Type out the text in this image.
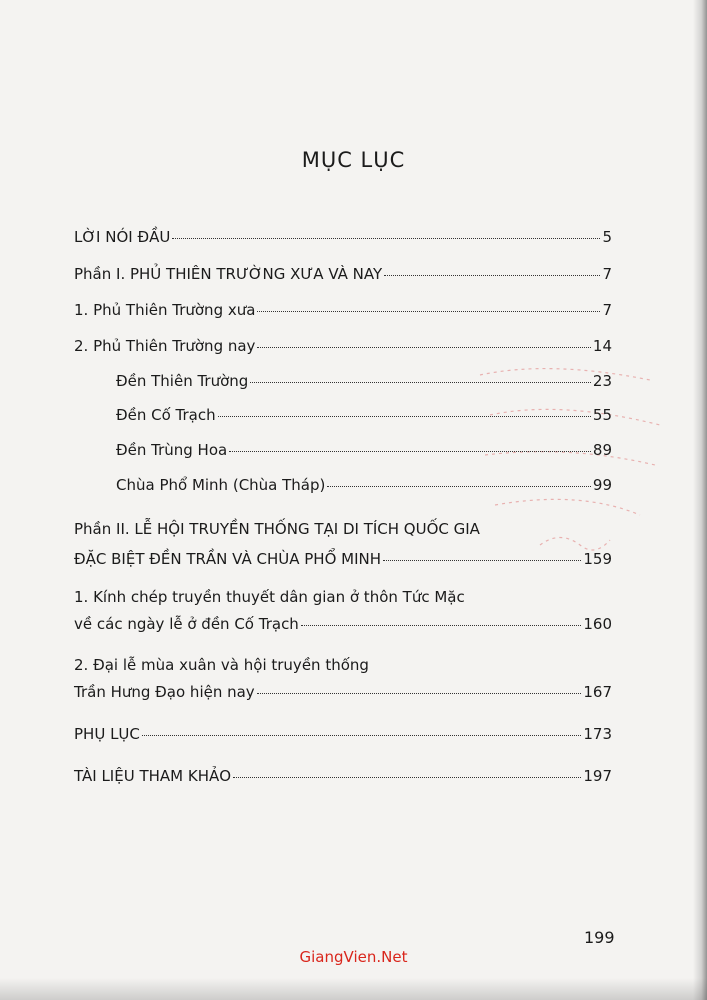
MỤC LỤC
LỜI NÓI ĐẦU	5
Phần I. PHỦ THIÊN TRƯỜNG XƯA VÀ NAY	7
1. Phủ Thiên Trường xưa	7
2. Phủ Thiên Trường nay	14
Đền Thiên Trường	23
Đền Cố Trạch	55
Đền Trùng Hoa	89
Chùa Phổ Minh (Chùa Tháp)	99
Phần II. LỄ HỘI TRUYỀN THỐNG TẠI DI TÍCH QUỐC GIA
ĐẶC BIỆT ĐỀN TRẦN VÀ CHÙA PHỔ MINH	159
1. Kính chép truyền thuyết dân gian ở thôn Tức Mặc
về các ngày lễ ở đền Cố Trạch	160
2. Đại lễ mùa xuân và hội truyền thống
Trần Hưng Đạo hiện nay	167
PHỤ LỤC	173
TÀI LIỆU THAM KHẢO	197
199
GiangVien.Net
